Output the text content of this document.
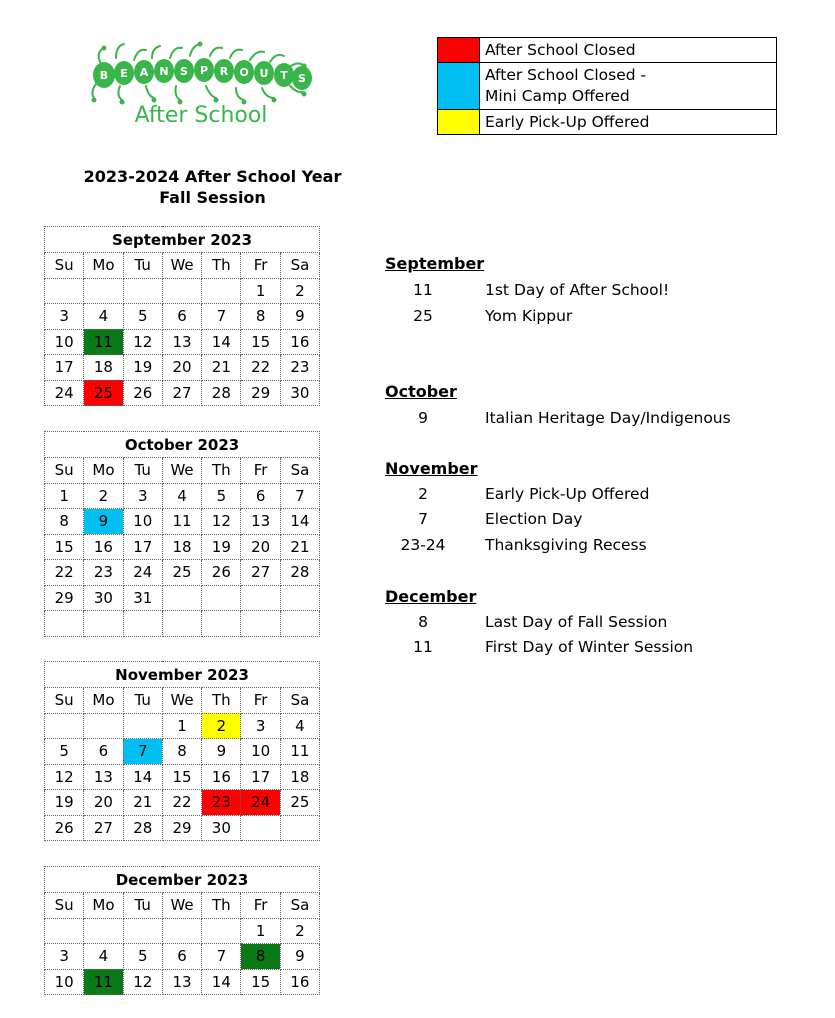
B E A N S P R O U T S
After School
	After School Closed

	After School Closed -
Mini Camp Offered

	Early Pick-Up Offered
2023-2024 After School Year
Fall Session
September 2023						
Su	Mo	Tu	We	Th	Fr	Sa
					1	2
3	4	5	6	7	8	9
10	11	12	13	14	15	16
17	18	19	20	21	22	23
24	25	26	27	28	29	30
October 2023						
Su	Mo	Tu	We	Th	Fr	Sa
1	2	3	4	5	6	7
8	9	10	11	12	13	14
15	16	17	18	19	20	21
22	23	24	25	26	27	28
29	30	31				

November 2023						
Su	Mo	Tu	We	Th	Fr	Sa
			1	2	3	4
5	6	7	8	9	10	11
12	13	14	15	16	17	18
19	20	21	22	23	24	25
26	27	28	29	30		
December 2023						
Su	Mo	Tu	We	Th	Fr	Sa
					1	2
3	4	5	6	7	8	9
10	11	12	13	14	15	16
September
11	1st Day of After School!
25	Yom Kippur
October
9	Italian Heritage Day/Indigenous
November
2	Early Pick-Up Offered
7	Election Day
23-24	Thanksgiving Recess
December
8	Last Day of Fall Session
11	First Day of Winter Session
